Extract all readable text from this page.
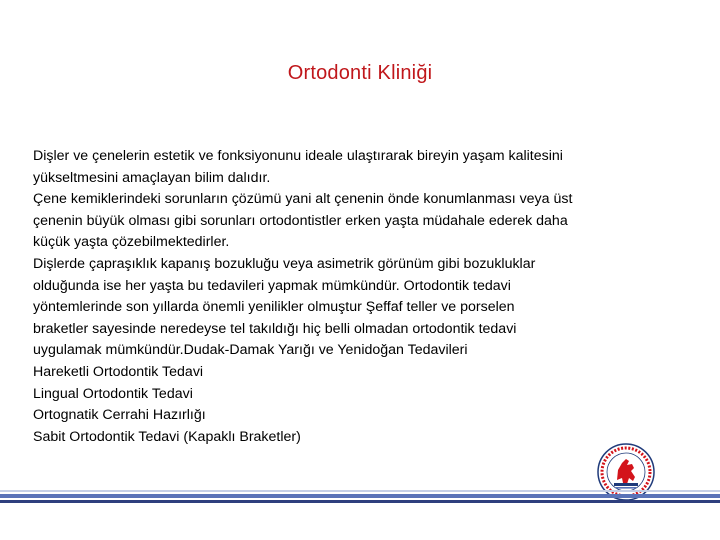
Ortodonti Kliniği
Dişler ve çenelerin estetik ve fonksiyonunu ideale ulaştırarak bireyin yaşam kalitesini
yükseltmesini amaçlayan bilim dalıdır.
Çene kemiklerindeki sorunların çözümü yani alt çenenin önde konumlanması veya üst
çenenin büyük olması gibi sorunları ortodontistler erken yaşta müdahale ederek daha
küçük yaşta çözebilmektedirler.
Dişlerde çapraşıklık kapanış bozukluğu veya asimetrik görünüm gibi bozukluklar
olduğunda ise her yaşta bu tedavileri yapmak mümkündür. Ortodontik tedavi
yöntemlerinde son yıllarda önemli yenilikler olmuştur Şeffaf teller ve porselen
braketler sayesinde neredeyse tel takıldığı hiç belli olmadan ortodontik tedavi
uygulamak mümkündür.Dudak-Damak Yarığı ve Yenidoğan Tedavileri
Hareketli Ortodontik Tedavi
Lingual Ortodontik Tedavi
Ortognatik Cerrahi Hazırlığı
Sabit Ortodontik Tedavi (Kapaklı Braketler)
